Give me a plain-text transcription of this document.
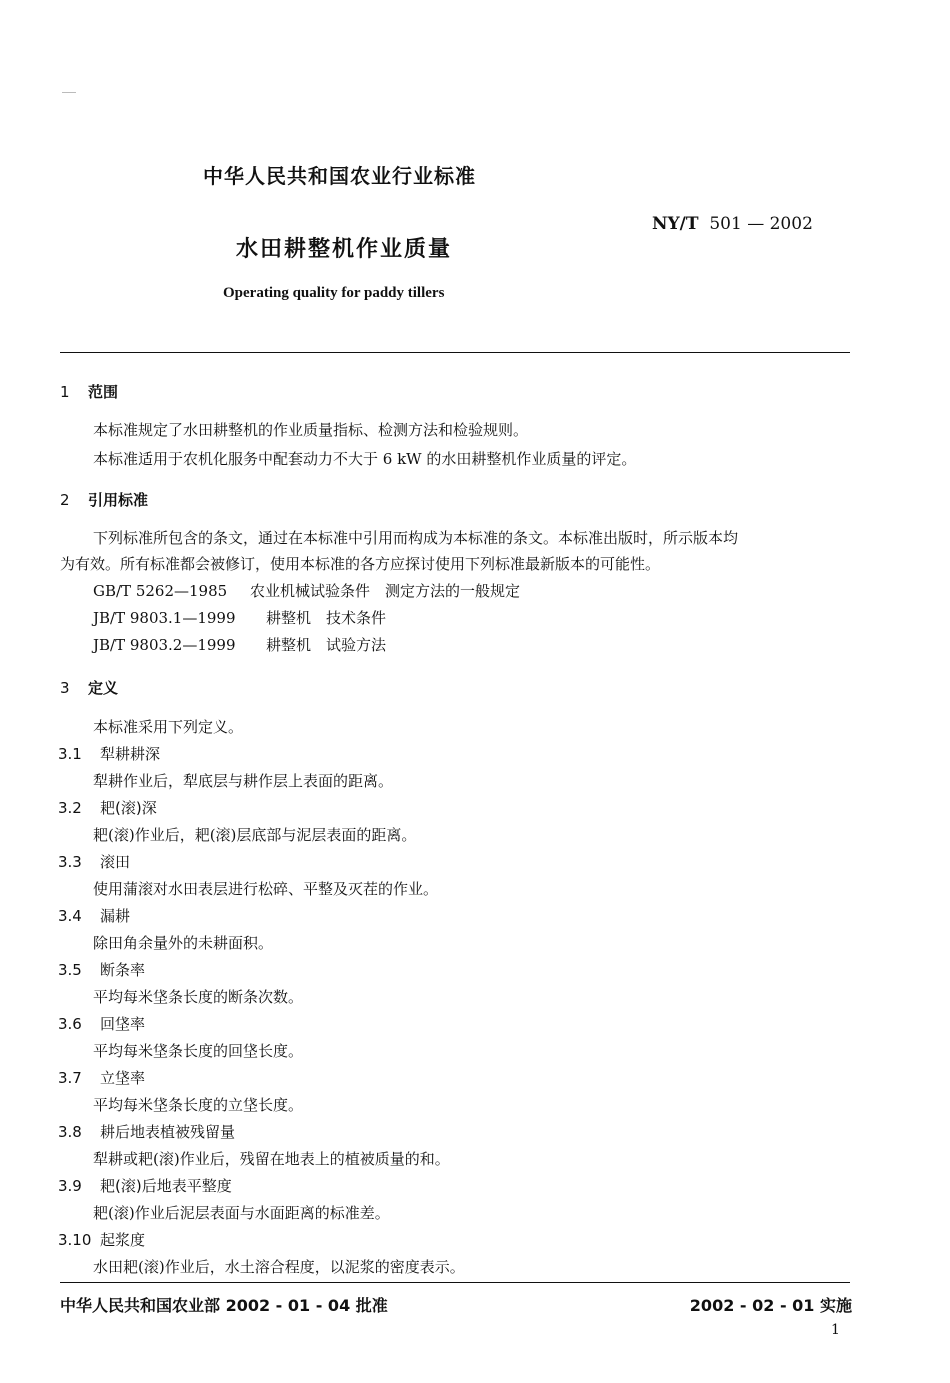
中华人民共和国农业行业标准
NY/T 501 — 2002
水田耕整机作业质量
Operating quality for paddy tillers
1 范围
本标准规定了水田耕整机的作业质量指标、检测方法和检验规则。
本标准适用于农机化服务中配套动力不大于 6 kW 的水田耕整机作业质量的评定。
2 引用标准
下列标准所包含的条文，通过在本标准中引用而构成为本标准的条文。本标准出版时，所示版本均
为有效。所有标准都会被修订，使用本标准的各方应探讨使用下列标准最新版本的可能性。
GB/T 5262—1985 农业机械试验条件　测定方法的一般规定
JB/T 9803.1—1999 耕整机　技术条件
JB/T 9803.2—1999 耕整机　试验方法
3 定义
本标准采用下列定义。
3.1 犁耕耕深
犁耕作业后，犁底层与耕作层上表面的距离。
3.2 耙(滚)深
耙(滚)作业后，耙(滚)层底部与泥层表面的距离。
3.3 滚田
使用蒲滚对水田表层进行松碎、平整及灭茬的作业。
3.4 漏耕
除田角余量外的未耕面积。
3.5 断条率
平均每米垡条长度的断条次数。
3.6 回垡率
平均每米垡条长度的回垡长度。
3.7 立垡率
平均每米垡条长度的立垡长度。
3.8 耕后地表植被残留量
犁耕或耙(滚)作业后，残留在地表上的植被质量的和。
3.9 耙(滚)后地表平整度
耙(滚)作业后泥层表面与水面距离的标准差。
3.10 起浆度
水田耙(滚)作业后，水土溶合程度，以泥浆的密度表示。
中华人民共和国农业部 2002 - 01 - 04 批准	2002 - 02 - 01 实施
1
